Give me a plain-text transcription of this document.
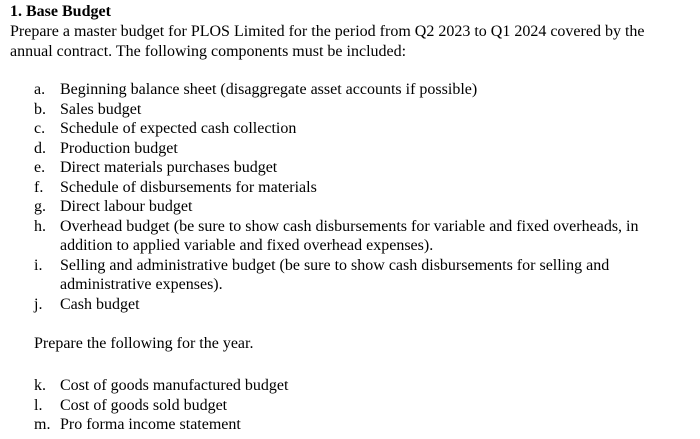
1. Base Budget

Prepare a master budget for PLOS Limited for the period from Q2 2023 to Q1 2024 covered by the annual contract. The following components must be included:

a. Beginning balance sheet (disaggregate asset accounts if possible)
b. Sales budget
c. Schedule of expected cash collection
d. Production budget
e. Direct materials purchases budget
f.	Schedule of disbursements for materials
g. Direct labour budget
h. Overhead budget (be sure to show cash disbursements for variable and fixed overheads, in addition to applied variable and fixed overhead expenses).
i.	Selling and administrative budget (be sure to show cash disbursements for selling and administrative expenses).
j.	Cash budget

Prepare the following for the year.

k. Cost of goods manufactured budget
l.	Cost of goods sold budget
m. Pro forma income statement
